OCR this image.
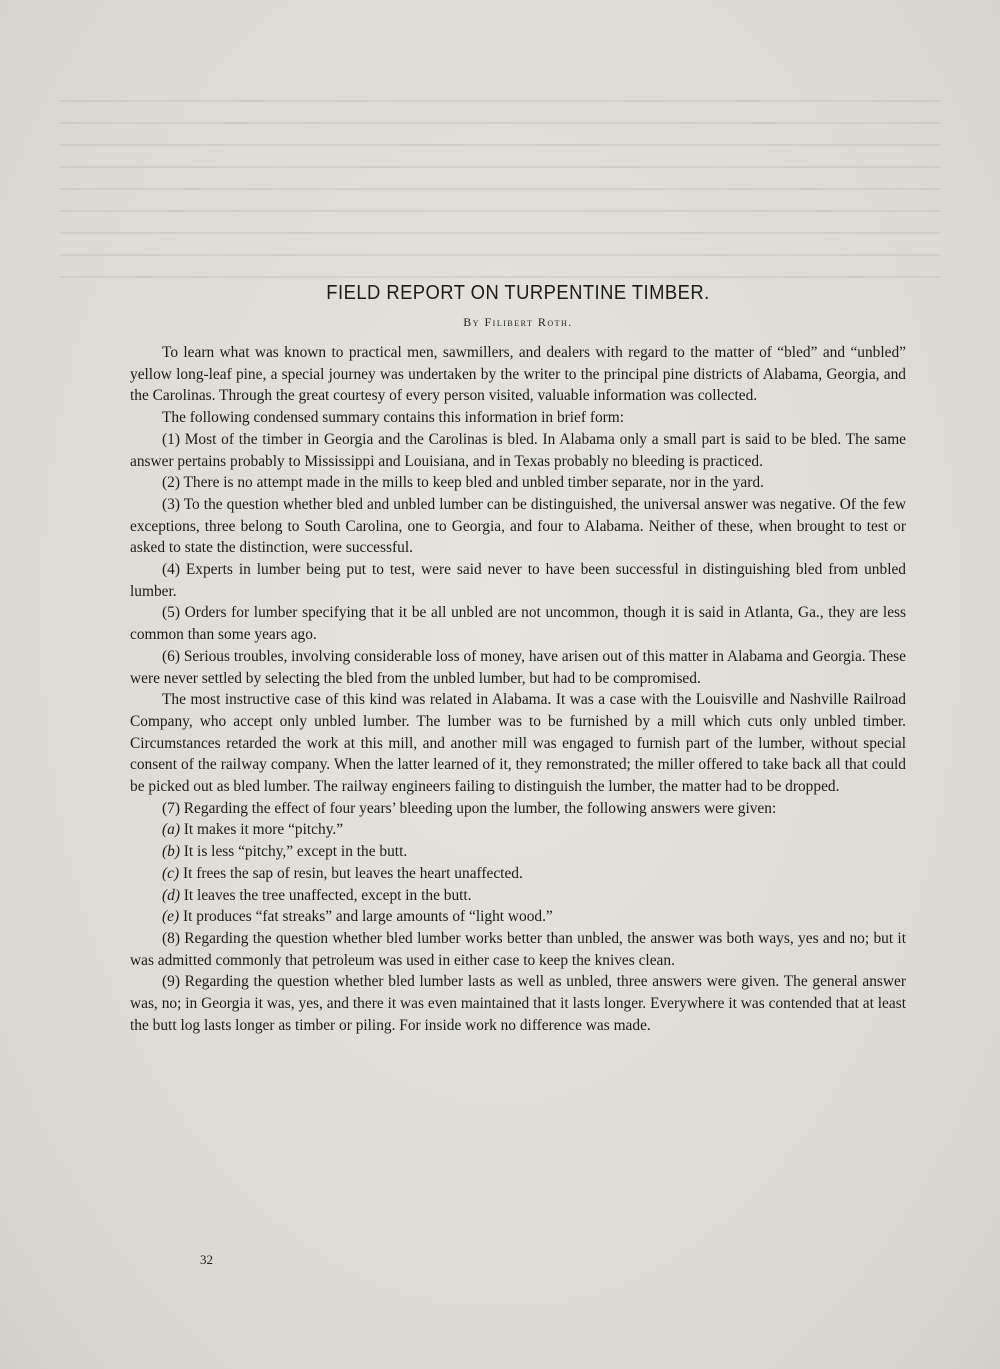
FIELD REPORT ON TURPENTINE TIMBER.
By Filibert Roth.

To learn what was known to practical men, sawmillers, and dealers with regard to the matter of “bled” and “unbled” yellow long-leaf pine, a special journey was undertaken by the writer to the principal pine districts of Alabama, Georgia, and the Carolinas. Through the great courtesy of every person visited, valuable information was collected.

The following condensed summary contains this information in brief form:

(1) Most of the timber in Georgia and the Carolinas is bled. In Alabama only a small part is said to be bled. The same answer pertains probably to Mississippi and Louisiana, and in Texas probably no bleeding is practiced.

(2) There is no attempt made in the mills to keep bled and unbled timber separate, nor in the yard.

(3) To the question whether bled and unbled lumber can be distinguished, the universal answer was negative. Of the few exceptions, three belong to South Carolina, one to Georgia, and four to Alabama. Neither of these, when brought to test or asked to state the distinction, were successful.

(4) Experts in lumber being put to test, were said never to have been successful in distinguishing bled from unbled lumber.

(5) Orders for lumber specifying that it be all unbled are not uncommon, though it is said in Atlanta, Ga., they are less common than some years ago.

(6) Serious troubles, involving considerable loss of money, have arisen out of this matter in Alabama and Georgia. These were never settled by selecting the bled from the unbled lumber, but had to be compromised.

The most instructive case of this kind was related in Alabama. It was a case with the Louisville and Nashville Railroad Company, who accept only unbled lumber. The lumber was to be furnished by a mill which cuts only unbled timber. Circumstances retarded the work at this mill, and another mill was engaged to furnish part of the lumber, without special consent of the railway company. When the latter learned of it, they remonstrated; the miller offered to take back all that could be picked out as bled lumber. The railway engineers failing to distinguish the lumber, the matter had to be dropped.

(7) Regarding the effect of four years’ bleeding upon the lumber, the following answers were given:

(a) It makes it more “pitchy.”
(b) It is less “pitchy,” except in the butt.
(c) It frees the sap of resin, but leaves the heart unaffected.
(d) It leaves the tree unaffected, except in the butt.
(e) It produces “fat streaks” and large amounts of “light wood.”

(8) Regarding the question whether bled lumber works better than unbled, the answer was both ways, yes and no; but it was admitted commonly that petroleum was used in either case to keep the knives clean.

(9) Regarding the question whether bled lumber lasts as well as unbled, three answers were given. The general answer was, no; in Georgia it was, yes, and there it was even maintained that it lasts longer. Everywhere it was contended that at least the butt log lasts longer as timber or piling. For inside work no difference was made.

32
